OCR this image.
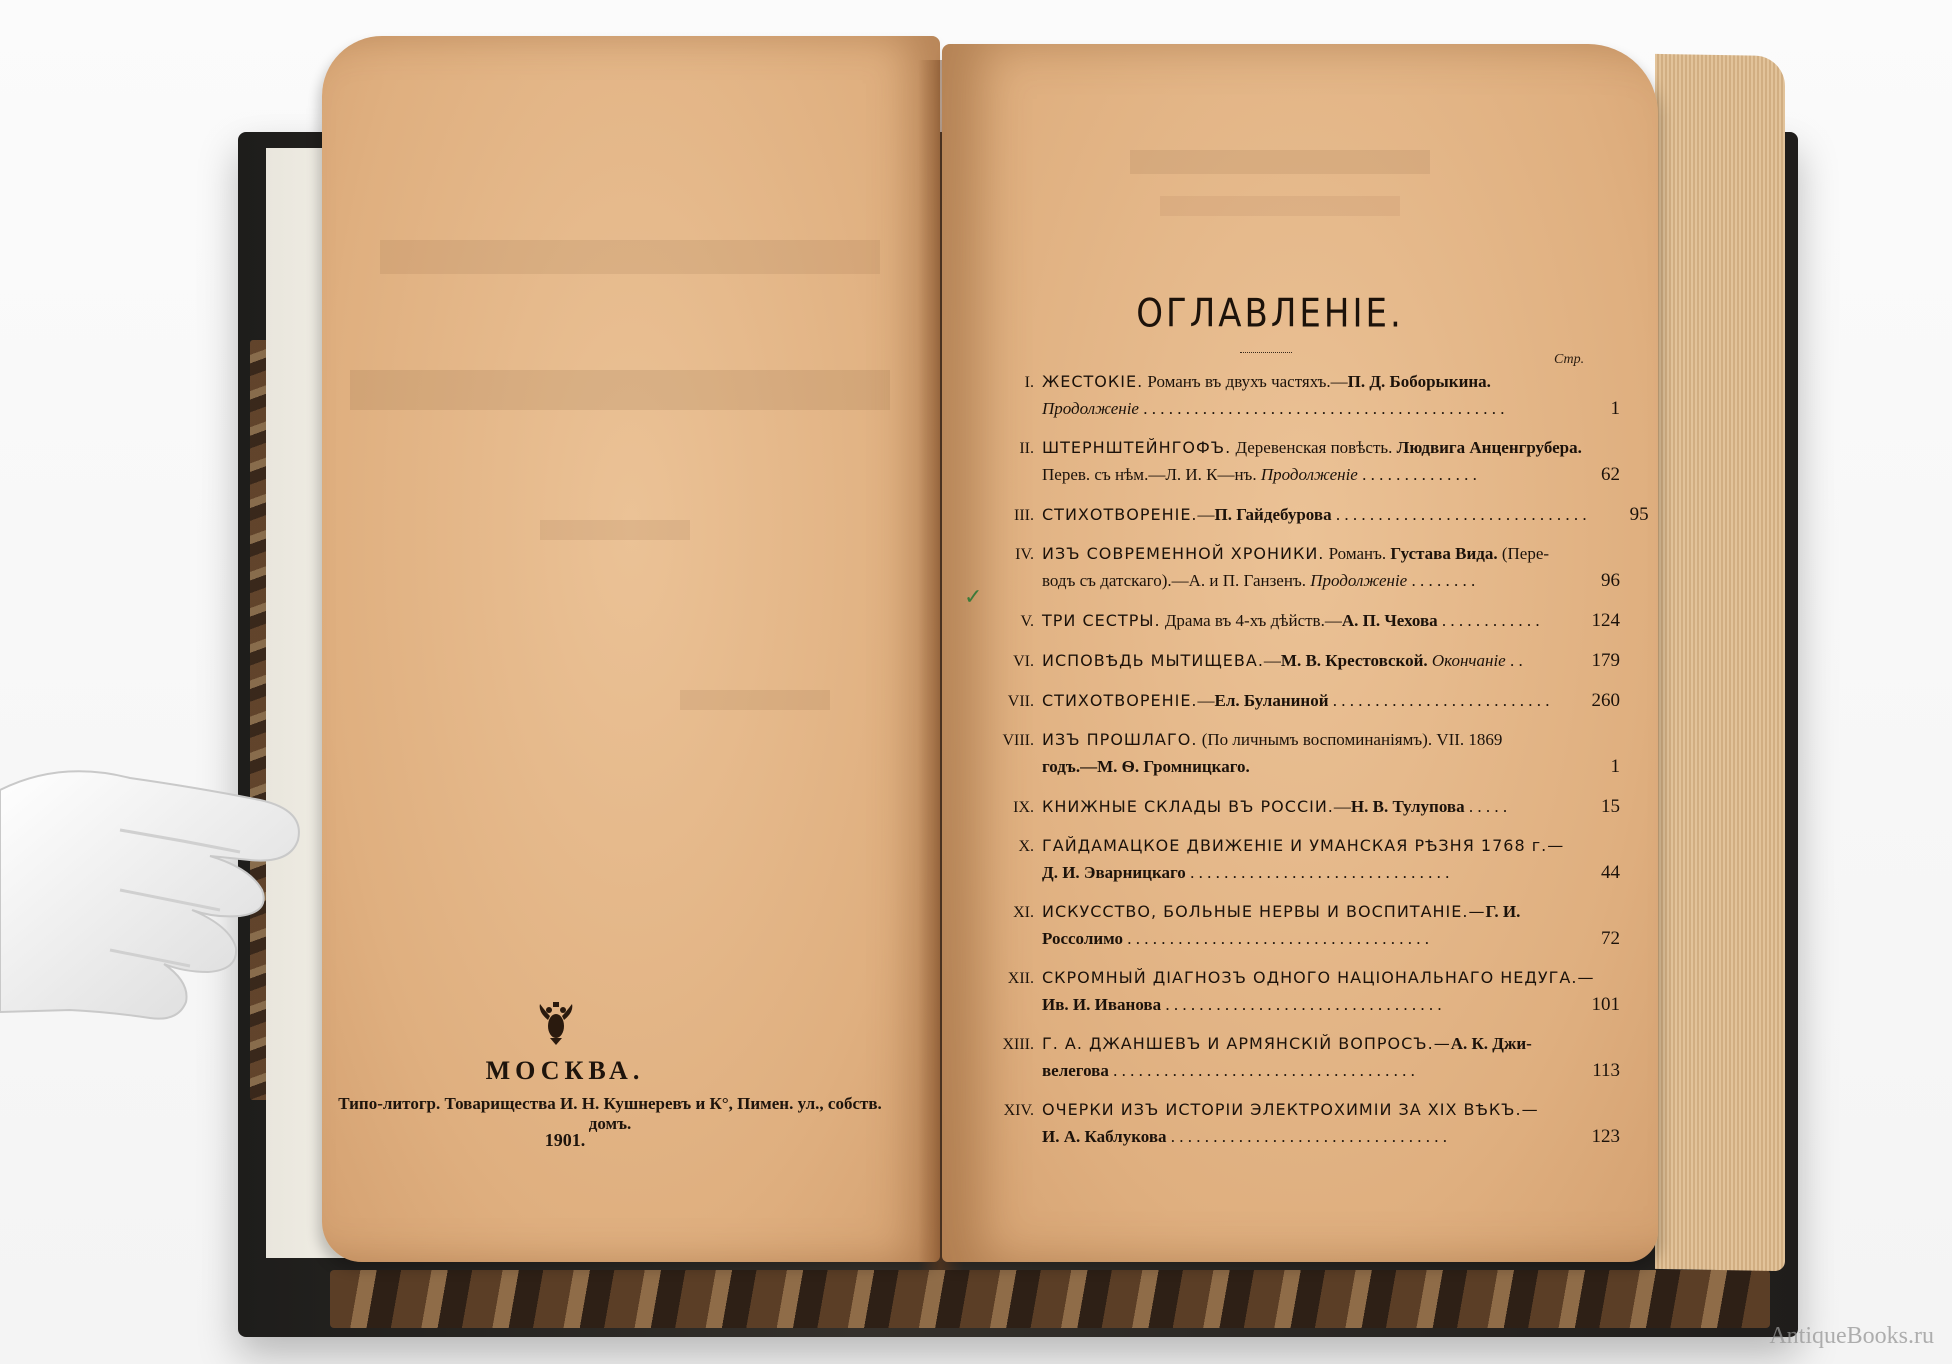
МОСКВА.
Типо-литогр. Товарищества И. Н. Кушнеревъ и К°, Пимен. ул., собств. домъ.
1901.
ОГЛАВЛЕНІЕ.
Стр.
✓
I. ЖЕСТОКІЕ. Романъ въ двухъ частяхъ.—П. Д. Боборыкина.
Продолженіе . . . . . . . . . . . . . . . . . . . . . . . . . . . . . . . . . . . . . . . . . . .	1
II. ШТЕРНШТЕЙНГОФЪ. Деревенская повѣсть. Людвига Анценгрубера.
Перев. съ нѣм.—Л. И. К—нъ. Продолженіе . . . . . . . . . . . . . .	62
III. СТИХОТВОРЕНІЕ.—П. Гайдебурова . . . . . . . . . . . . . . . . . . . . . . . . . . . . . .	95
IV. ИЗЪ СОВРЕМЕННОЙ ХРОНИКИ. Романъ. Густава Вида. (Пере-
водъ съ датскаго).—А. и П. Ганзенъ. Продолженіе . . . . . . . .	96
V. ТРИ СЕСТРЫ. Драма въ 4-хъ дѣйств.—А. П. Чехова . . . . . . . . . . . .	124
VI. ИСПОВѢДЬ МЫТИЩЕВА.—М. В. Крестовской. Окончаніе . .	179
VII. СТИХОТВОРЕНІЕ.—Ел. Буланиной . . . . . . . . . . . . . . . . . . . . . . . . . .	260
VIII. ИЗЪ ПРОШЛАГО. (По личнымъ воспоминаніямъ). VII. 1869
годъ.—М. Ѳ. Громницкаго.	1
IX. КНИЖНЫЕ СКЛАДЫ ВЪ РОССІИ.—Н. В. Тулупова . . . . .	15
X. ГАЙДАМАЦКОЕ ДВИЖЕНІЕ И УМАНСКАЯ РѢЗНЯ 1768 г.—
Д. И. Эварницкаго . . . . . . . . . . . . . . . . . . . . . . . . . . . . . . .	44
XI. ИСКУССТВО, БОЛЬНЫЕ НЕРВЫ И ВОСПИТАНІЕ.—Г. И.
Россолимо . . . . . . . . . . . . . . . . . . . . . . . . . . . . . . . . . . . .	72
XII. СКРОМНЫЙ ДІАГНОЗЪ ОДНОГО НАЦІОНАЛЬНАГО НЕДУГА.—
Ив. И. Иванова . . . . . . . . . . . . . . . . . . . . . . . . . . . . . . . . .	101
XIII. Г. А. ДЖАНШЕВЪ И АРМЯНСКІЙ ВОПРОСЪ.—А. К. Джи-
велегова . . . . . . . . . . . . . . . . . . . . . . . . . . . . . . . . . . . .	113
XIV. ОЧЕРКИ ИЗЪ ИСТОРІИ ЭЛЕКТРОХИМІИ ЗА XIX ВѢКЪ.—
И. А. Каблукова . . . . . . . . . . . . . . . . . . . . . . . . . . . . . . . . .	123
AntiqueBooks.ru
